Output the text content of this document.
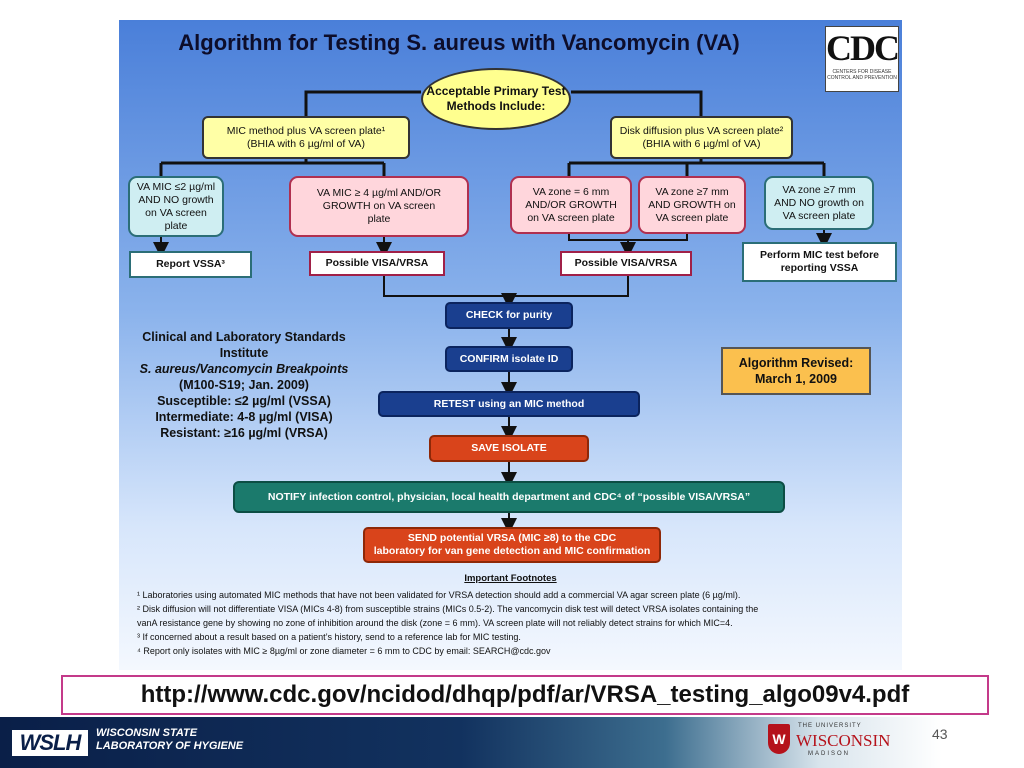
Algorithm for Testing S. aureus with Vancomycin (VA)	CDC
CENTERS FOR DISEASE CONTROL AND PREVENTION
Acceptable Primary Test Methods Include:
MIC method plus VA screen plate¹
(BHIA with 6 µg/ml of VA)
Disk diffusion plus VA screen plate²
(BHIA with 6 µg/ml of VA)
VA MIC ≤2 µg/ml AND NO growth on VA screen plate
VA MIC ≥ 4 µg/ml AND/OR GROWTH on VA screen plate
VA zone = 6 mm AND/OR GROWTH on VA screen plate
VA zone ≥7 mm AND GROWTH on VA screen plate
VA zone ≥7 mm AND NO growth on VA screen plate
Report VSSA³	Possible VISA/VRSA	Possible VISA/VRSA
Perform MIC test before reporting VSSA
CHECK for purity
CONFIRM isolate ID
RETEST using an MIC method
SAVE ISOLATE
NOTIFY infection control, physician, local health department and CDC⁴ of “possible VISA/VRSA”
SEND potential VRSA (MIC ≥8) to the CDC
laboratory for van gene detection and MIC confirmation
Clinical and Laboratory Standards Institute
S. aureus/Vancomycin Breakpoints
(M100-S19; Jan. 2009)
Susceptible: ≤2 µg/ml (VSSA)
Intermediate: 4-8 µg/ml (VISA)
Resistant: ≥16 µg/ml (VRSA)
Algorithm Revised:
March 1, 2009
Important Footnotes
¹ Laboratories using automated MIC methods that have not been validated for VRSA detection should add a commercial VA agar screen plate (6 µg/ml).
² Disk diffusion will not differentiate VISA (MICs 4-8) from susceptible strains (MICs 0.5-2). The vancomycin disk test will detect VRSA isolates containing the
vanA resistance gene by showing no zone of inhibition around the disk (zone = 6 mm). VA screen plate will not reliably detect strains for which MIC=4.
³ If concerned about a result based on a patient’s history, send to a reference lab for MIC testing.
⁴ Report only isolates with MIC ≥ 8µg/ml or zone diameter = 6 mm to CDC by email: SEARCH@cdc.gov
http://www.cdc.gov/ncidod/dhqp/pdf/ar/VRSA_testing_algo09v4.pdf
WSLH	WISCONSIN STATE
LABORATORY OF HYGIENE	W
THE UNIVERSITY
WISCONSIN
MADISON
43
